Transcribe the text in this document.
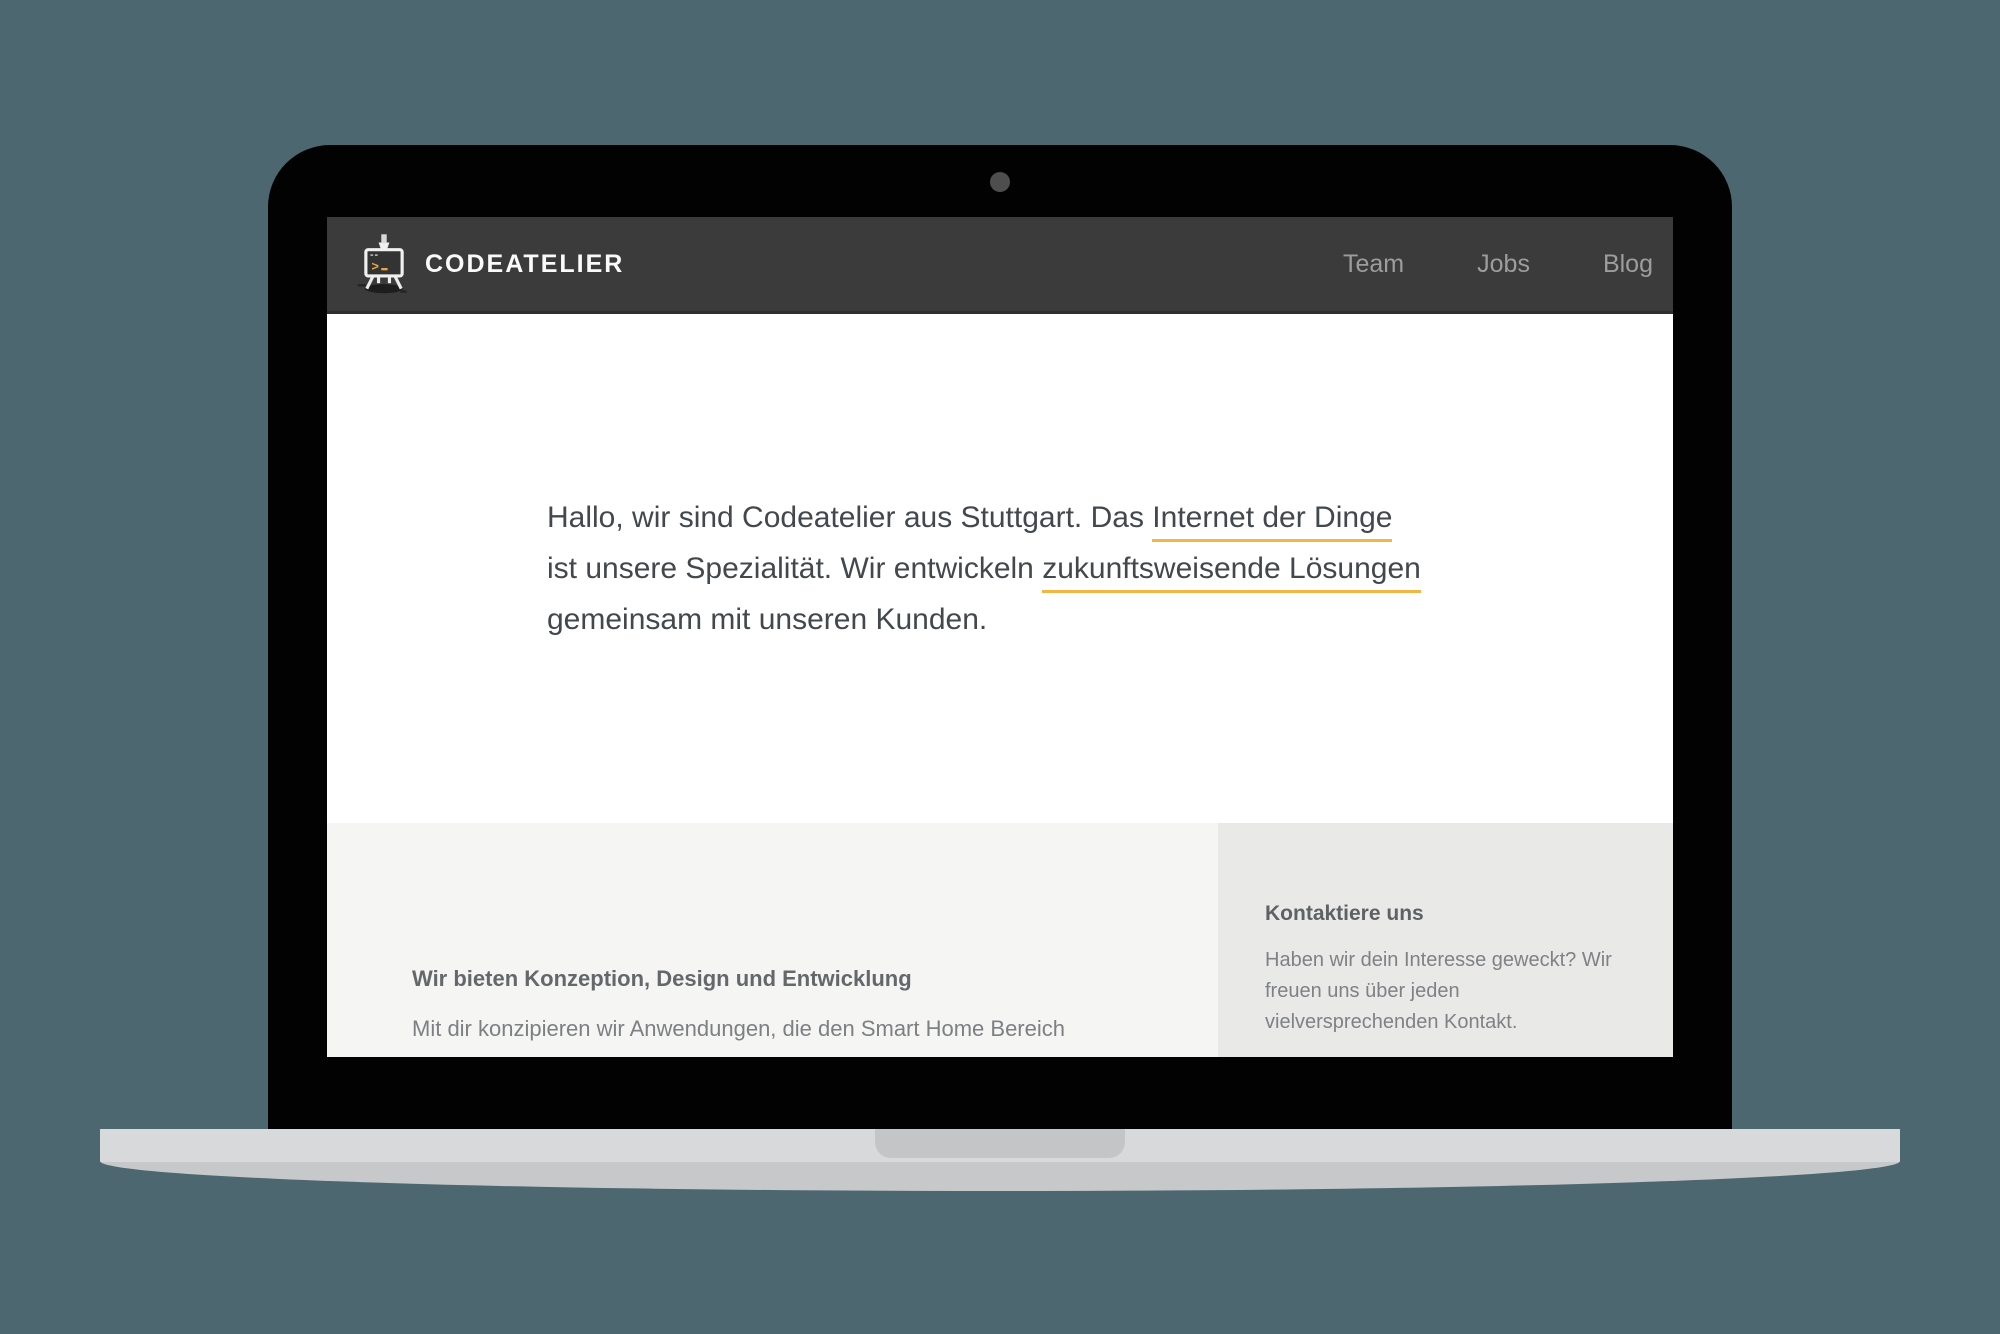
> CODEATELIER	Team	Jobs	Blog
Hallo, wir sind Codeatelier aus Stuttgart. Das Internet der Dinge
ist unsere Spezialität. Wir entwickeln zukunftsweisende Lösungen
gemeinsam mit unseren Kunden.
Wir bieten Konzeption, Design und Entwicklung

Mit dir konzipieren wir Anwendungen, die den Smart Home Bereich

Kontaktiere uns

Haben wir dein Interesse geweckt? Wir freuen uns über jeden vielversprechenden Kontakt.
